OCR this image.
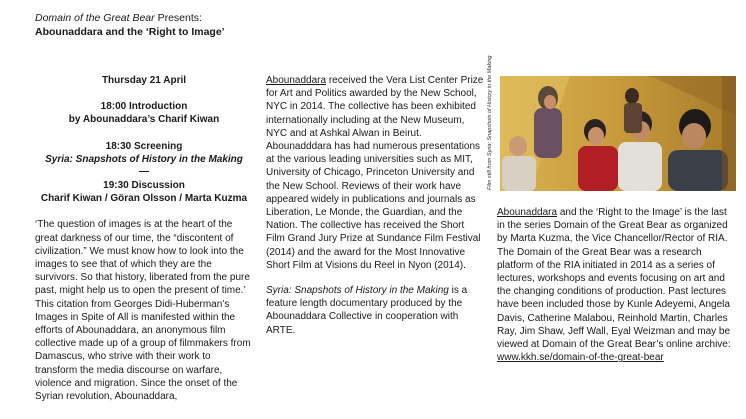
Domain of the Great Bear Presents:
Abounaddara and the ‘Right to Image’
Thursday 21 April
18:00 Introduction
by Abounaddara’s Charif Kiwan
18:30 Screening
Syria: Snapshots of History in the Making
—
19:30 Discussion
Charif Kiwan / Göran Olsson / Marta Kuzma

‘The question of images is at the heart of the great darkness of our time, the “discontent of civilization.” We must know how to look into the images to see that of which they are the survivors. So that history, liberated from the pure past, might help us to open the present of time.’ This citation from Georges Didi-Huberman’s Images in Spite of All is manifested within the efforts of Abounaddara, an anonymous film collective made up of a group of filmmakers from Damascus, who strive with their work to transform the media discourse on warfare, violence and migration. Since the onset of the Syrian revolution, Abounaddara,

Abounaddara received the Vera List Center Prize for Art and Politics awarded by the New School, NYC in 2014. The collective has been exhibited internationally including at the New Museum, NYC and at Ashkal Alwan in Beirut. Abounadddara has had numerous presentations at the various leading universities such as MIT, University of Chicago, Princeton University and the New School. Reviews of their work have appeared widely in publications and journals as Liberation, Le Monde, the Guardian, and the Nation. The collective has received the Short Film Grand Jury Prize at Sundance Film Festival (2014) and the award for the Most Innovative Short Film at Visions du Reel in Nyon (2014).

Syria: Snapshots of History in the Making is a feature length documentary produced by the Abounaddara Collective in cooperation with ARTE.

Film still from Syria: Snapshots of History in the Making

Abounaddara and the ‘Right to the Image’ is the last in the series Domain of the Great Bear as organized by Marta Kuzma, the Vice Chancellor/Rector of RIA. The Domain of the Great Bear was a research platform of the RIA initiated in 2014 as a series of lectures, workshops and events focusing on art and the changing conditions of production. Past lectures have been included those by Kunle Adeyemi, Angela Davis, Catherine Malabou, Reinhold Martin, Charles Ray, Jim Shaw, Jeff Wall, Eyal Weizman and may be viewed at Domain of the Great Bear’s online archive: www.kkh.se/domain-of-the-great-bear
